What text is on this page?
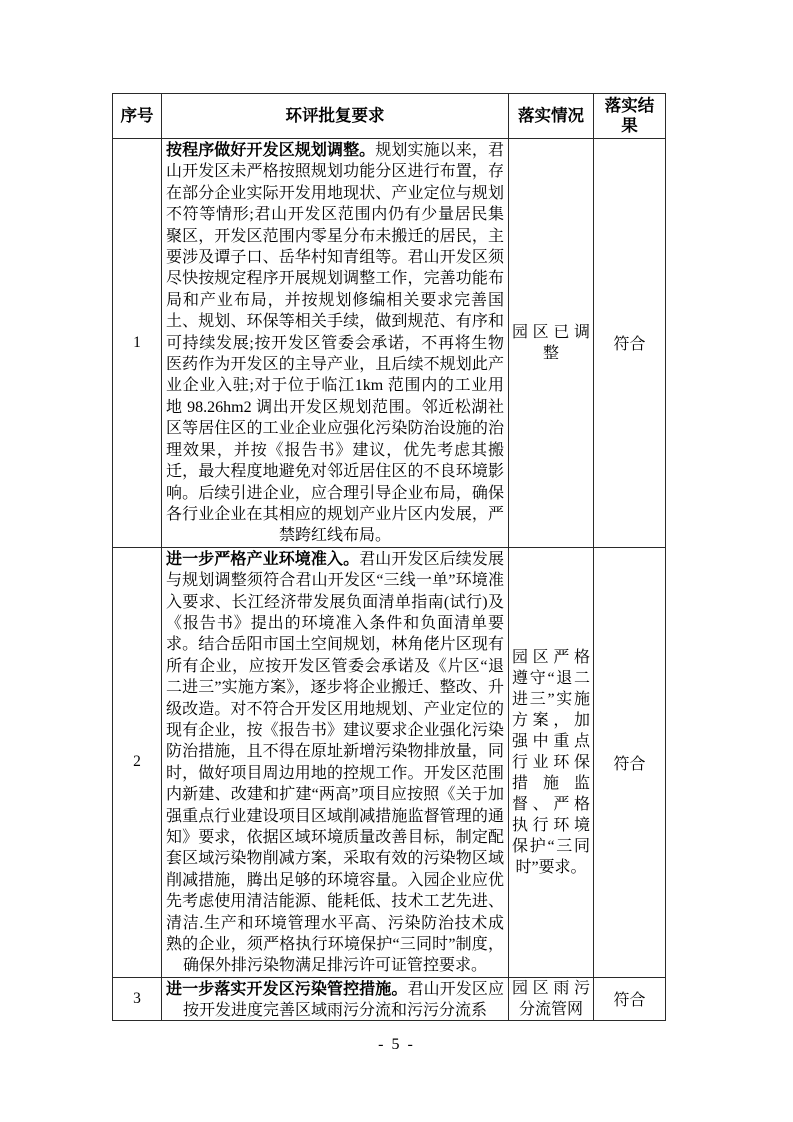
序号	环评批复要求	落实情况	落实结果
1	按程序做好开发区规划调整。规划实施以来，君山开发区未严格按照规划功能分区进行布置，存在部分企业实际开发用地现状、产业定位与规划不符等情形;君山开发区范围内仍有少量居民集聚区，开发区范围内零星分布未搬迁的居民，主要涉及谭子口、岳华村知青组等。君山开发区须尽快按规定程序开展规划调整工作，完善功能布局和产业布局，并按规划修编相关要求完善国土、规划、环保等相关手续，做到规范、有序和可持续发展;按开发区管委会承诺，不再将生物医药作为开发区的主导产业，且后续不规划此产业企业入驻;对于位于临江1km 范围内的工业用地 98.26hm2 调出开发区规划范围。邻近松湖社区等居住区的工业企业应强化污染防治设施的治理效果，并按《报告书》建议，优先考虑其搬迁，最大程度地避免对邻近居住区的不良环境影响。后续引进企业，应合理引导企业布局，确保各行业企业在其相应的规划产业片区内发展，严禁跨红线布局。	园区已调整	符合
2	进一步严格产业环境准入。君山开发区后续发展与规划调整须符合君山开发区“三线一单”环境准入要求、长江经济带发展负面清单指南(试行)及《报告书》提出的环境准入条件和负面清单要求。结合岳阳市国土空间规划，林角佬片区现有所有企业，应按开发区管委会承诺及《片区“退二进三”实施方案》，逐步将企业搬迁、整改、升级改造。对不符合开发区用地规划、产业定位的现有企业，按《报告书》建议要求企业强化污染防治措施，且不得在原址新增污染物排放量，同时，做好项目周边用地的控规工作。开发区范围内新建、改建和扩建“两高”项目应按照《关于加强重点行业建设项目区域削减措施监督管理的通知》要求，依据区域环境质量改善目标，制定配套区域污染物削减方案，采取有效的污染物区域削减措施，腾出足够的环境容量。入园企业应优先考虑使用清洁能源、能耗低、技术工艺先进、清洁.生产和环境管理水平高、污染防治技术成熟的企业，须严格执行环境保护“三同时”制度，确保外排污染物满足排污许可证管控要求。	园区严格遵守“退二进三”实施方案，加强中重点行业环保措施监督、严格执行环境保护“三同时”要求。	符合
3	进一步落实开发区污染管控措施。君山开发区应按开发进度完善区域雨污分流和污污分流系	园区雨污分流管网	符合
- 5 -
